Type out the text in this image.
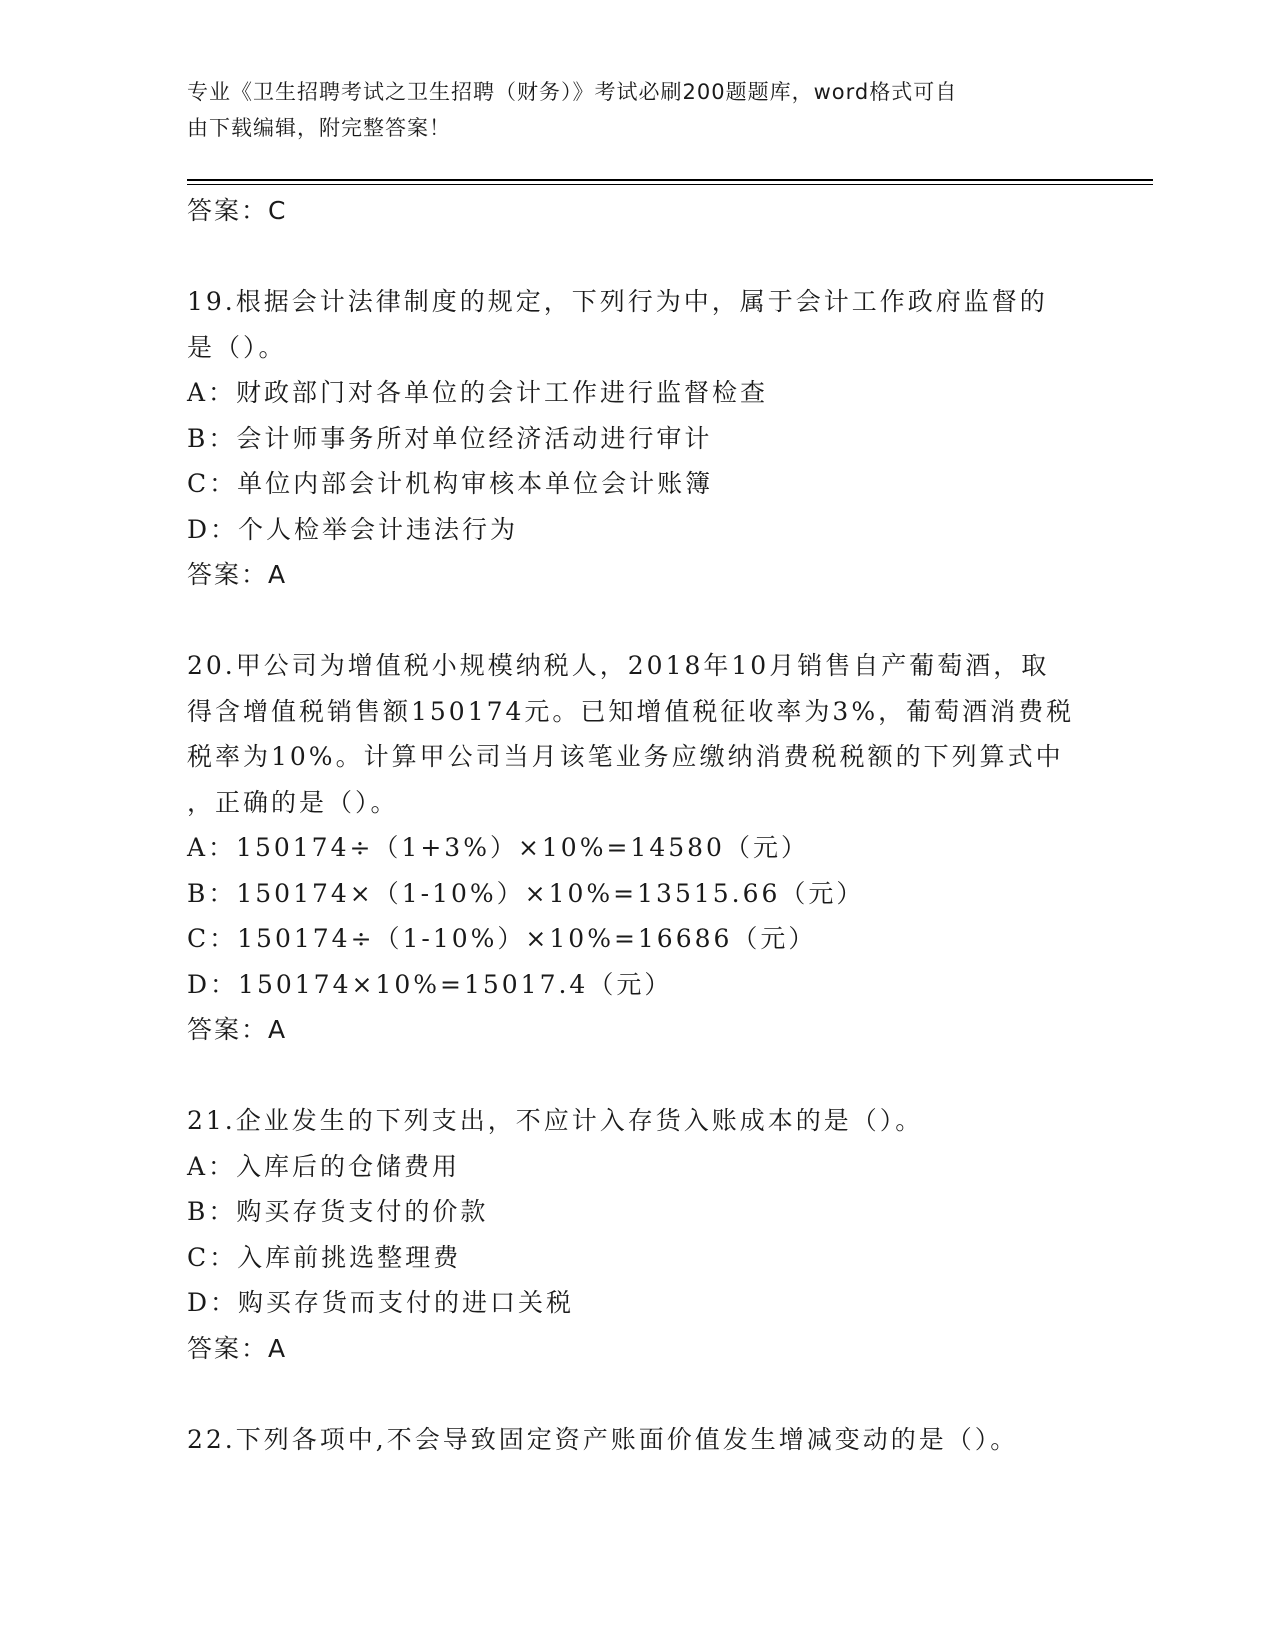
专业《卫生招聘考试之卫生招聘（财务）》考试必刷200题题库，word格式可自
由下载编辑，附完整答案！
答案：C
19.根据会计法律制度的规定，下列行为中，属于会计工作政府监督的
是（）。
A：财政部门对各单位的会计工作进行监督检查
B：会计师事务所对单位经济活动进行审计
C：单位内部会计机构审核本单位会计账簿
D：个人检举会计违法行为
答案：A
20.甲公司为增值税小规模纳税人，2018年10月销售自产葡萄酒，取
得含增值税销售额150174元。已知增值税征收率为3%，葡萄酒消费税
税率为10%。计算甲公司当月该笔业务应缴纳消费税税额的下列算式中
，正确的是（）。
A：150174÷（1+3%）×10%=14580（元）
B：150174×（1-10%）×10%=13515.66（元）
C：150174÷（1-10%）×10%=16686（元）
D：150174×10%=15017.4（元）
答案：A
21.企业发生的下列支出，不应计入存货入账成本的是（）。
A：入库后的仓储费用
B：购买存货支付的价款
C：入库前挑选整理费
D：购买存货而支付的进口关税
答案：A
22.下列各项中,不会导致固定资产账面价值发生增减变动的是（）。
